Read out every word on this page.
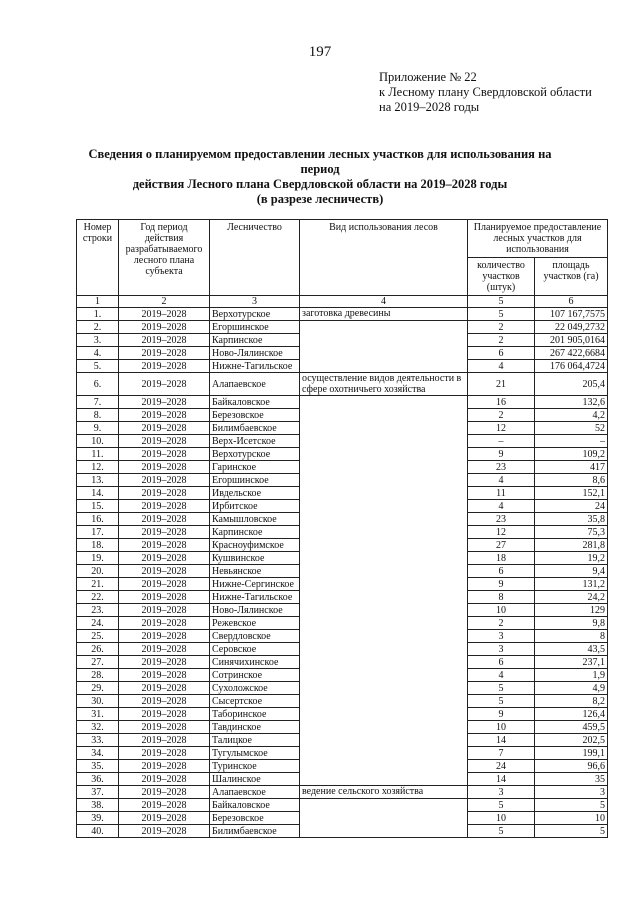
197
Приложение № 22
к Лесному плану Свердловской области
на 2019–2028 годы
Сведения о планируемом предоставлении лесных участков для использования на период
действия Лесного плана Свердловской области на 2019–2028 годы
(в разрезе лесничеств)
Номер строки	Год период действия разрабатываемого лесного плана субъекта	Лесничество	Вид использования лесов	Планируемое предоставление лесных участков для использования	
				количество участков (штук)	площадь участков (га)
1	2	3	4	5	6
1.	2019–2028	Верхотурское	заготовка древесины	5	107 167,7575
2.	2019–2028	Егоршинское		2	22 049,2732
3.	2019–2028	Карпинское		2	201 905,0164
4.	2019–2028	Ново-Лялинское		6	267 422,6684
5.	2019–2028	Нижне-Тагильское		4	176 064,4724
6.	2019–2028	Алапаевское	осуществление видов деятельности в сфере охотничьего хозяйства	21	205,4
7.	2019–2028	Байкаловское		16	132,6
8.	2019–2028	Березовское		2	4,2
9.	2019–2028	Билимбаевское		12	52
10.	2019–2028	Верх-Исетское		–	–
11.	2019–2028	Верхотурское		9	109,2
12.	2019–2028	Гаринское		23	417
13.	2019–2028	Егоршинское		4	8,6
14.	2019–2028	Ивдельское		11	152,1
15.	2019–2028	Ирбитское		4	24
16.	2019–2028	Камышловское		23	35,8
17.	2019–2028	Карпинское		12	75,3
18.	2019–2028	Красноуфимское		27	281,8
19.	2019–2028	Кушвинское		18	19,2
20.	2019–2028	Невьянское		6	9,4
21.	2019–2028	Нижне-Сергинское		9	131,2
22.	2019–2028	Нижне-Тагильское		8	24,2
23.	2019–2028	Ново-Лялинское		10	129
24.	2019–2028	Режевское		2	9,8
25.	2019–2028	Свердловское		3	8
26.	2019–2028	Серовское		3	43,5
27.	2019–2028	Синячихинское		6	237,1
28.	2019–2028	Сотринское		4	1,9
29.	2019–2028	Сухоложское		5	4,9
30.	2019–2028	Сысертское		5	8,2
31.	2019–2028	Таборинское		9	126,4
32.	2019–2028	Тавдинское		10	459,5
33.	2019–2028	Талицкое		14	202,5
34.	2019–2028	Тугулымское		7	199,1
35.	2019–2028	Туринское		24	96,6
36.	2019–2028	Шалинское		14	35
37.	2019–2028	Алапаевское	ведение сельского хозяйства	3	3
38.	2019–2028	Байкаловское		5	5
39.	2019–2028	Березовское		10	10
40.	2019–2028	Билимбаевское		5	5
